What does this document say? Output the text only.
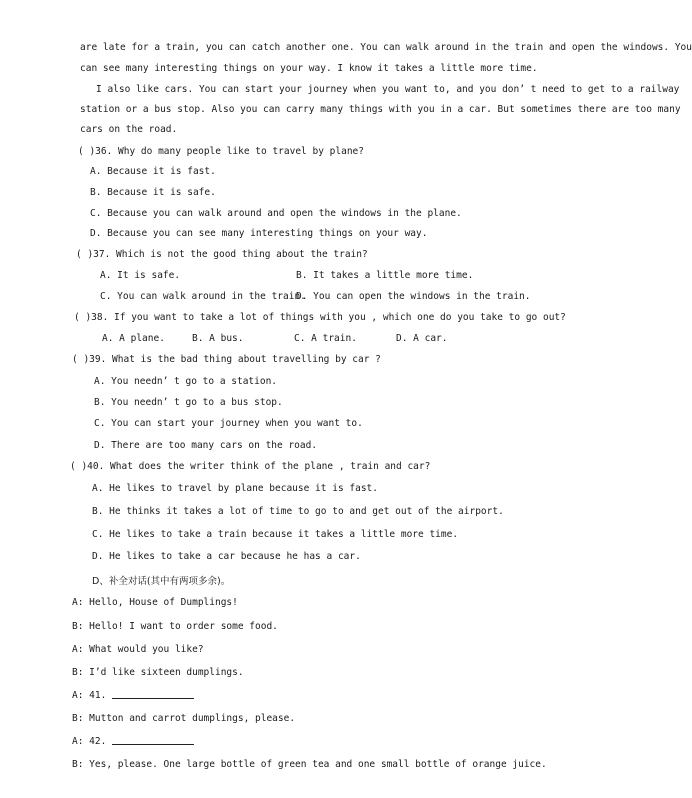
are late for a train, you can catch another one. You can walk around in the train and open the windows. You
can see many interesting things on your way. I know it takes a little more time.
I also like cars. You can start your journey when you want to, and you don’ t need to get to a railway
station or a bus stop. Also you can carry many things with you in a car. But sometimes there are too many
cars on the road.
( )36. Why do many people like to travel by plane?
A. Because it is fast.
B. Because it is safe.
C. Because you can walk around and open the windows in the plane.
D. Because you can see many interesting things on your way.
( )37. Which is not the good thing about the train?
A. It is safe.	B. It takes a little more time.
C. You can walk around in the train.
D. You can open the windows in the train.
( )38. If you want to take a lot of things with you , which one do you take to go out?
A. A plane.	B. A bus.	C. A train.	D. A car.
( )39. What is the bad thing about travelling by car ?
A. You needn’ t go to a station.
B. You needn’ t go to a bus stop.
C. You can start your journey when you want to.
D. There are too many cars on the road.
( )40. What does the writer think of the plane , train and car?
A. He likes to travel by plane because it is fast.
B. He thinks it takes a lot of time to go to and get out of the airport.
C. He likes to take a train because it takes a little more time.
D. He likes to take a car because he has a car.
D、补全对话(其中有两项多余)。
A: Hello, House of Dumplings!
B: Hello! I want to order some food.
A: What would you like?
B: I’d like sixteen dumplings.
A: 41.
B: Mutton and carrot dumplings, please.
A: 42.
B: Yes, please. One large bottle of green tea and one small bottle of orange juice.
